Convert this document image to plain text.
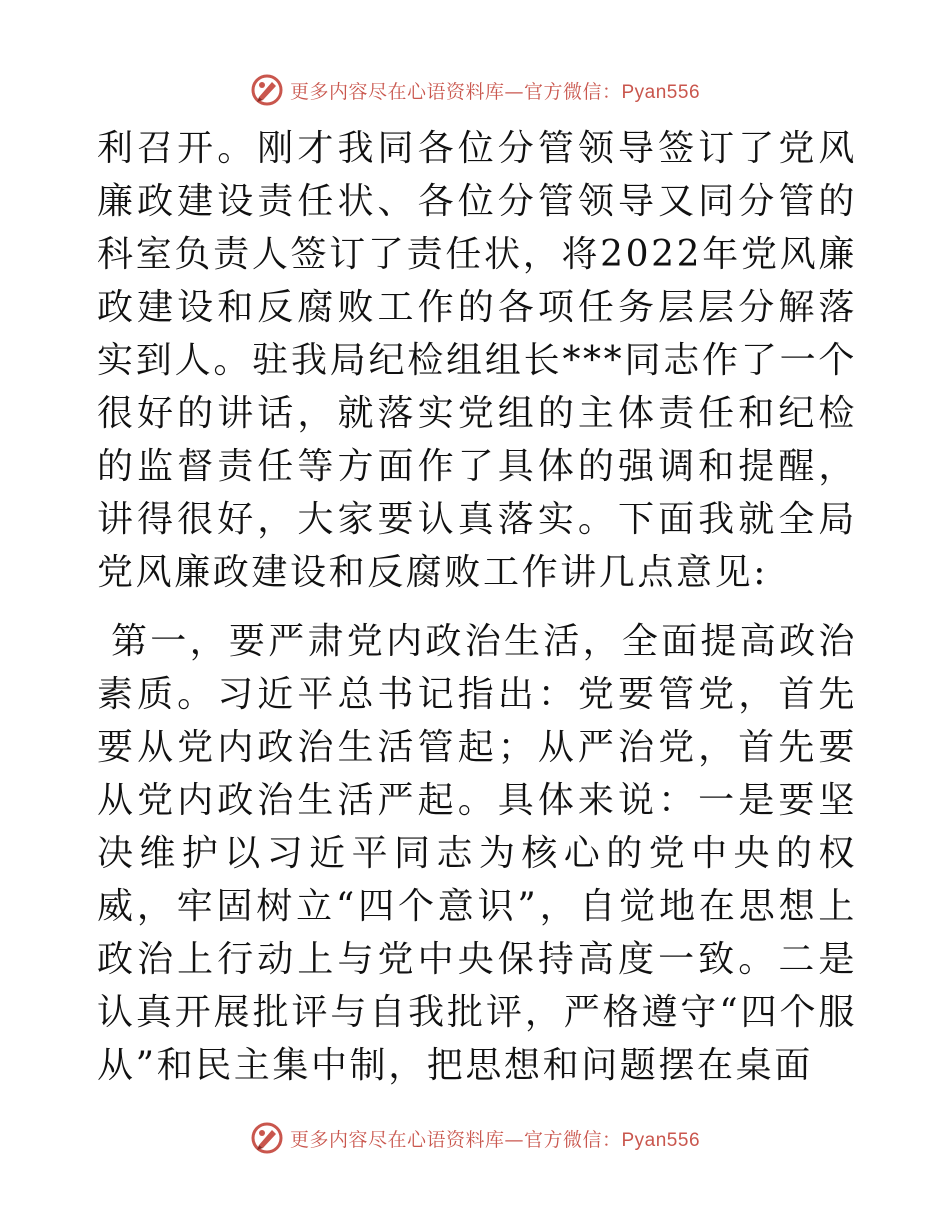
更多内容尽在心语资料库—官方微信：Pyan556

利召开。刚才我同各位分管领导签订了党风廉政建设责任状、各位分管领导又同分管的科室负责人签订了责任状，将2022年党风廉政建设和反腐败工作的各项任务层层分解落实到人。驻我局纪检组组长***同志作了一个很好的讲话，就落实党组的主体责任和纪检的监督责任等方面作了具体的强调和提醒，讲得很好，大家要认真落实。下面我就全局党风廉政建设和反腐败工作讲几点意见:

第一，要严肃党内政治生活，全面提高政治素质。习近平总书记指出：党要管党，首先要从党内政治生活管起；从严治党，首先要从党内政治生活严起。具体来说：一是要坚决维护以习近平同志为核心的党中央的权威，牢固树立“四个意识”，自觉地在思想上政治上行动上与党中央保持高度一致。二是认真开展批评与自我批评，严格遵守“四个服从”和民主集中制，把思想和问题摆在桌面

更多内容尽在心语资料库—官方微信：Pyan556
